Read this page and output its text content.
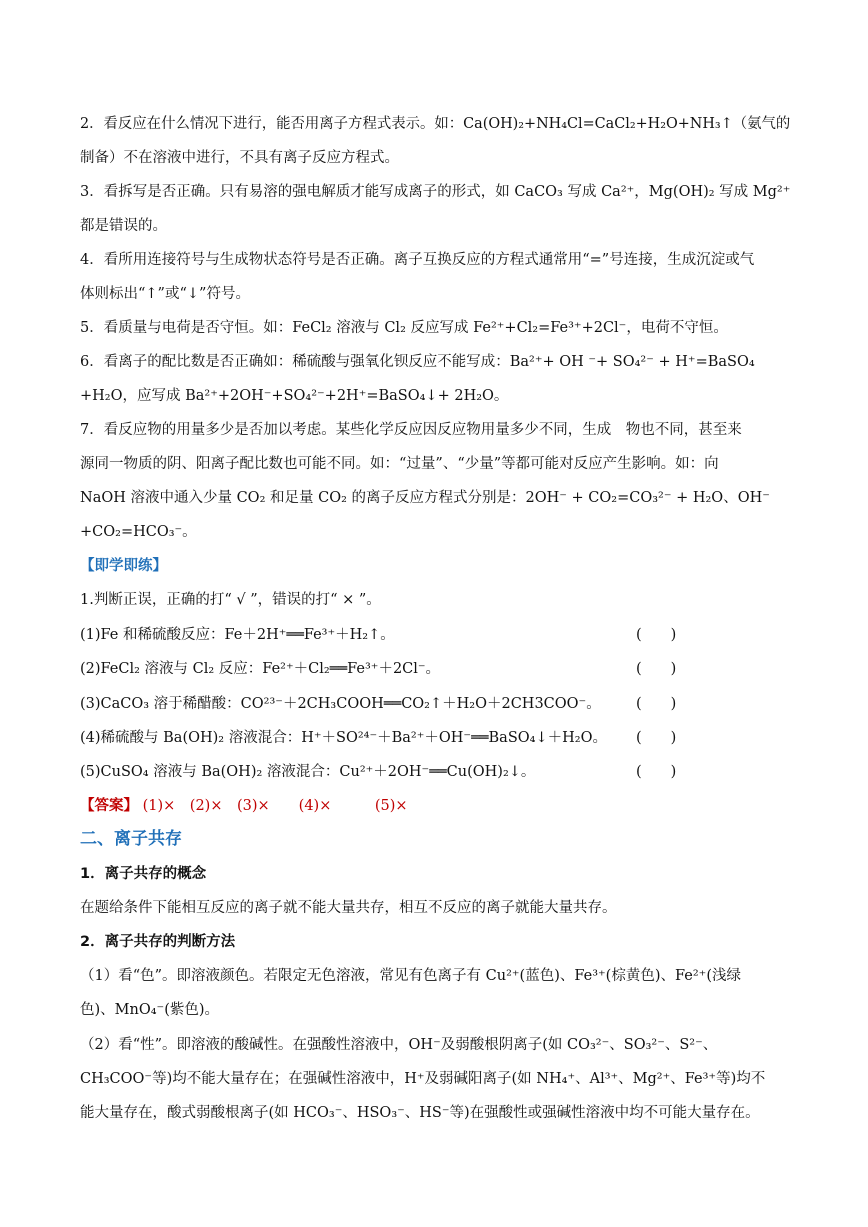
2．看反应在什么情况下进行，能否用离子方程式表示。如：Ca(OH)₂+NH₄Cl=CaCl₂+H₂O+NH₃↑（氨气的
制备）不在溶液中进行，不具有离子反应方程式。
3．看拆写是否正确。只有易溶的强电解质才能写成离子的形式，如 CaCO₃ 写成 Ca²⁺，Mg(OH)₂ 写成 Mg²⁺
都是错误的。
4．看所用连接符号与生成物状态符号是否正确。离子互换反应的方程式通常用“=”号连接，生成沉淀或气
体则标出“↑”或“↓”符号。
5．看质量与电荷是否守恒。如：FeCl₂ 溶液与 Cl₂ 反应写成 Fe²⁺+Cl₂=Fe³⁺+2Cl⁻，电荷不守恒。
6．看离子的配比数是否正确如：稀硫酸与强氧化钡反应不能写成：Ba²⁺+ OH ⁻+ SO₄²⁻ + H⁺=BaSO₄
+H₂O，应写成 Ba²⁺+2OH⁻+SO₄²⁻+2H⁺=BaSO₄↓+ 2H₂O。
7．看反应物的用量多少是否加以考虑。某些化学反应因反应物用量多少不同，生成　物也不同，甚至来
源同一物质的阴、阳离子配比数也可能不同。如：“过量”、“少量”等都可能对反应产生影响。如：向
NaOH 溶液中通入少量 CO₂ 和足量 CO₂ 的离子反应方程式分别是：2OH⁻ + CO₂=CO₃²⁻ + H₂O、OH⁻
+CO₂=HCO₃⁻。
【即学即练】
1.判断正误，正确的打“ √ ”，错误的打“ × ”。
(1)Fe 和稀硫酸反应：Fe＋2H⁺══Fe³⁺＋H₂↑。	(　　)
(2)FeCl₂ 溶液与 Cl₂ 反应：Fe²⁺＋Cl₂══Fe³⁺＋2Cl⁻。	(　　)
(3)CaCO₃ 溶于稀醋酸：CO²³⁻＋2CH₃COOH══CO₂↑＋H₂O＋2CH3COO⁻。 (　　)
(4)稀硫酸与 Ba(OH)₂ 溶液混合：H⁺＋SO²⁴⁻＋Ba²⁺＋OH⁻══BaSO₄↓＋H₂O。 (　　)
(5)CuSO₄ 溶液与 Ba(OH)₂ 溶液混合：Cu²⁺＋2OH⁻══Cu(OH)₂↓。	(　　)
【答案】 (1)×　(2)×　(3)×　　(4)×　　　(5)×
二、离子共存
1．离子共存的概念
在题给条件下能相互反应的离子就不能大量共存，相互不反应的离子就能大量共存。
2．离子共存的判断方法
（1）看“色”。即溶液颜色。若限定无色溶液，常见有色离子有 Cu²⁺(蓝色)、Fe³⁺(棕黄色)、Fe²⁺(浅绿
色)、MnO₄⁻(紫色)。
（2）看“性”。即溶液的酸碱性。在强酸性溶液中，OH⁻及弱酸根阴离子(如 CO₃²⁻、SO₃²⁻、S²⁻、
CH₃COO⁻等)均不能大量存在；在强碱性溶液中，H⁺及弱碱阳离子(如 NH₄⁺、Al³⁺、Mg²⁺、Fe³⁺等)均不
能大量存在，酸式弱酸根离子(如 HCO₃⁻、HSO₃⁻、HS⁻等)在强酸性或强碱性溶液中均不可能大量存在。
